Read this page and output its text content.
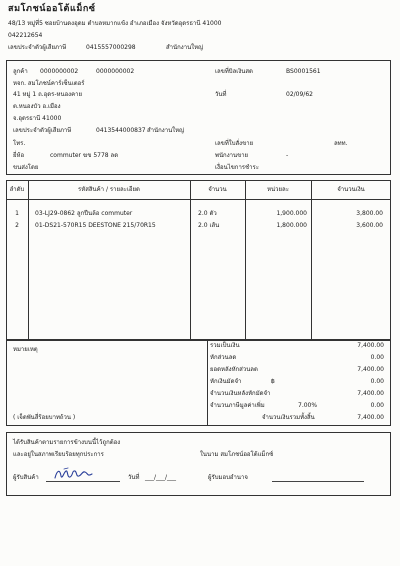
สมโภชน์ออโต้แม็กซ์
48/13 หมู่ที่5 ซอยบ้านดงอุดม ตำบลหมากแข้ง อำเภอเมือง จังหวัดอุดรธานี 41000
042212654
เลขประจำตัวผู้เสียภาษี	0415557000298	สำนักงานใหญ่
ลูกค้า 0000000002	0000000002
หจก. สมโภชน์คาร์เซ็นเตอร์
41 หมู่ 1 ถ.อุดร-หนองคาย
ต.หนองบัว อ.เมือง
จ.อุดรธานี 41000
เลขประจำตัวผู้เสียภาษี	0413544000837 สำนักงานใหญ่
โทร.
ยี่ห้อ	commuter ฆข 5778 ลด
ขนส่งโดย
เลขที่บิลเงินสด	BS0001561
วันที่	02/09/62
เลขที่ใบสั่งขาย	ลทท.
พนักงานขาย	-
เงื่อนไขการชำระ
ลำดับ	รหัสสินค้า / รายละเอียด	จำนวน	หน่วยละ	จำนวนเงิน
1	03-LJ29-0862 ลูกปืนล้อ commuter	2.0 ตัว	1,900.000	3,800.00
2	01-DS21-570R15 DEESTONE 215/70R15	2.0 เส้น	1,800.000	3,600.00
หมายเหตุ
( เจ็ดพันสี่ร้อยบาทถ้วน )
รวมเป็นเงิน	7,400.00
หักส่วนลด	0.00
ยอดหลังหักส่วนลด	7,400.00
หักเงินมัดจำ	฿	0.00
จำนวนเงินหลังหักมัดจำ	7,400.00
จำนวนภาษีมูลค่าเพิ่ม	7.00%	0.00
จำนวนเงินรวมทั้งสิ้น	7,400.00
ได้รับสินค้าตามรายการข้างบนนี้ไว้ถูกต้อง
และอยู่ในสภาพเรียบร้อยทุกประการ	ในนาม สมโภชน์ออโต้แม็กซ์
ผู้รับสินค้า	วันที่ ___/___/___	ผู้รับมอบอำนาจ
